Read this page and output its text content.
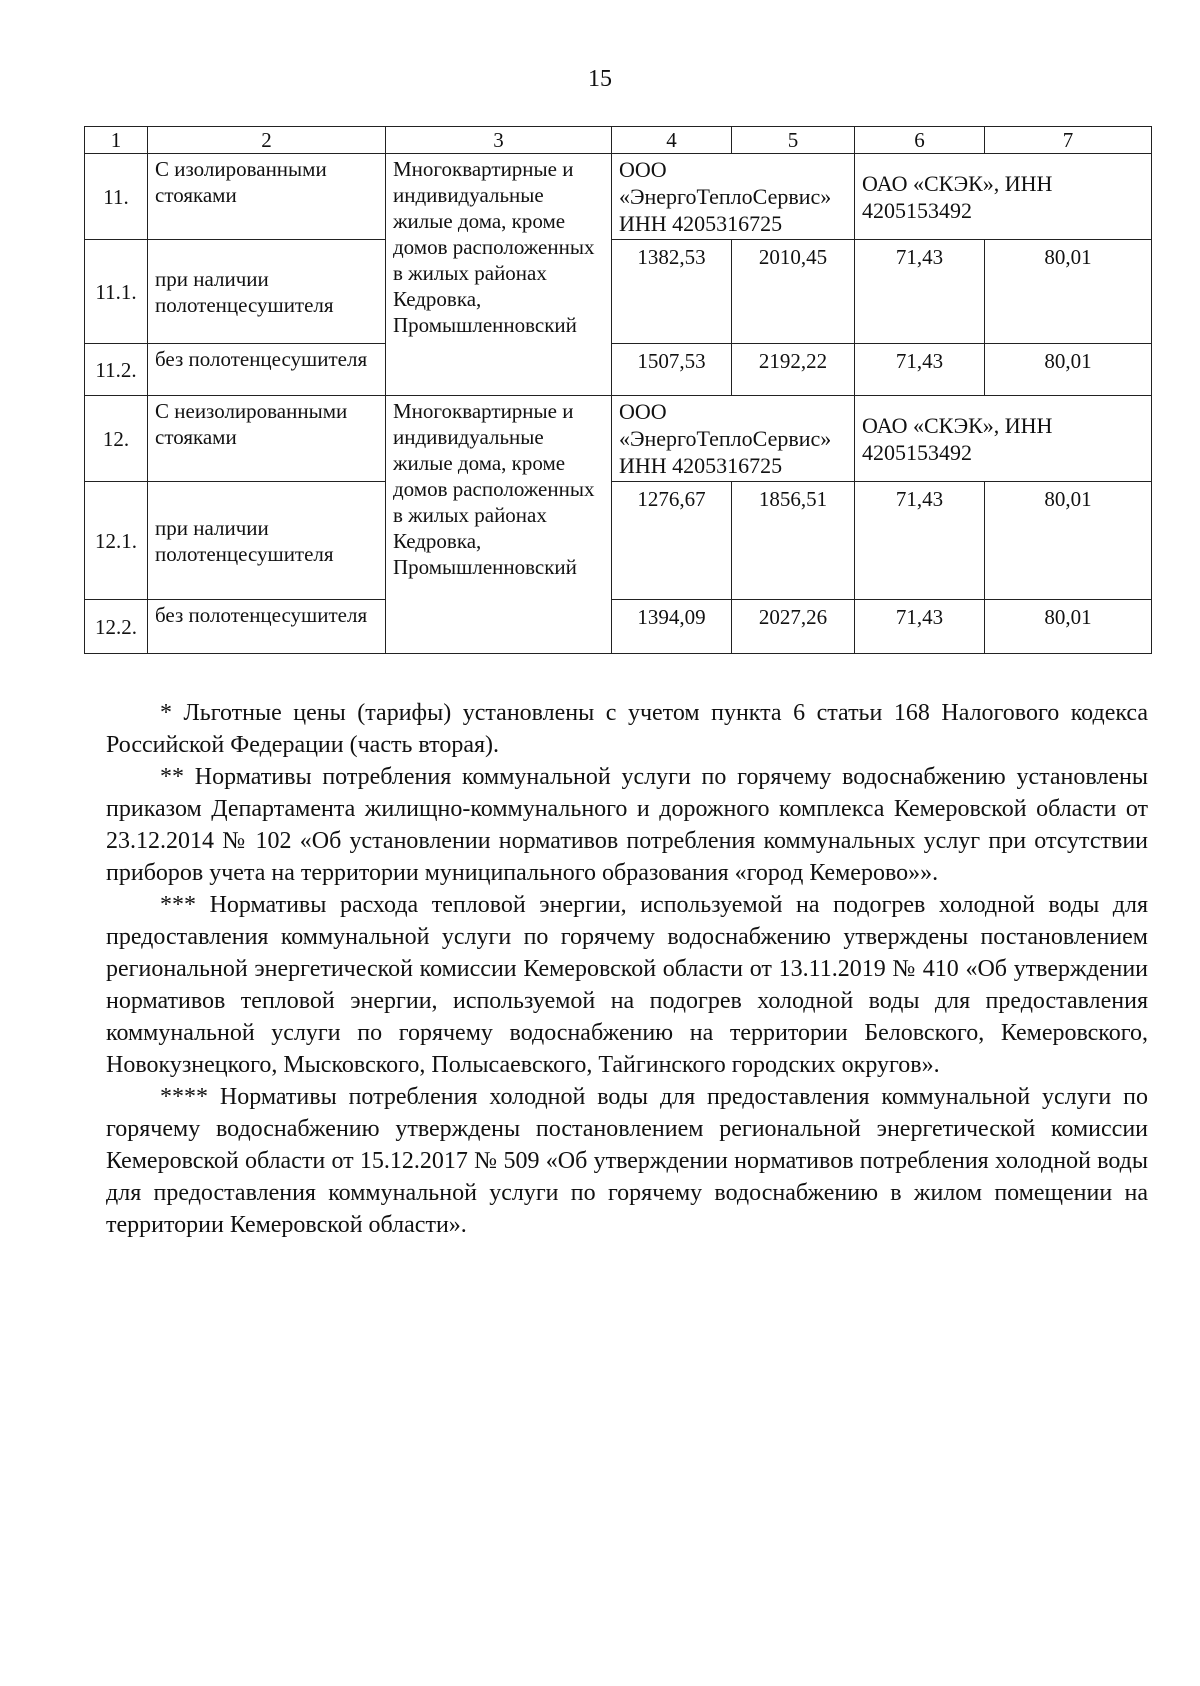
15
1	2	3	4	5	6	7
11.	С изолированными стояками	Многоквартирные и индивидуальные жилые дома, кроме домов расположенных в жилых районах Кедровка, Промышленновский	ООО «ЭнергоТеплоСервис» ИНН 4205316725		ОАО «СКЭК», ИНН 4205153492	
11.1.	при наличии полотенцесушителя		1382,53	2010,45	71,43	80,01
11.2.	без полотенцесушителя		1507,53	2192,22	71,43	80,01
12.	С неизолированными стояками	Многоквартирные и индивидуальные жилые дома, кроме домов расположенных в жилых районах Кедровка, Промышленновский	ООО «ЭнергоТеплоСервис» ИНН 4205316725		ОАО «СКЭК», ИНН 4205153492	
12.1.	при наличии полотенцесушителя		1276,67	1856,51	71,43	80,01
12.2.	без полотенцесушителя		1394,09	2027,26	71,43	80,01

* Льготные цены (тарифы) установлены с учетом пункта 6 статьи 168 Налогового кодекса Российской Федерации (часть вторая).

** Нормативы потребления коммунальной услуги по горячему водоснабжению установлены приказом Департамента жилищно-коммунального и дорожного комплекса Кемеровской области от 23.12.2014 № 102 «Об установлении нормативов потребления коммунальных услуг при отсутствии приборов учета на территории муниципального образования «город Кемерово»».

*** Нормативы расхода тепловой энергии, используемой на подогрев холодной воды для предоставления коммунальной услуги по горячему водоснабжению утверждены постановлением региональной энергетической комиссии Кемеровской области от 13.11.2019 № 410 «Об утверждении нормативов тепловой энергии, используемой на подогрев холодной воды для предоставления коммунальной услуги по горячему водоснабжению на территории Беловского, Кемеровского, Новокузнецкого, Мысковского, Полысаевского, Тайгинского городских округов».

**** Нормативы потребления холодной воды для предоставления коммунальной услуги по горячему водоснабжению утверждены постановлением региональной энергетической комиссии Кемеровской области от 15.12.2017 № 509 «Об утверждении нормативов потребления холодной воды для предоставления коммунальной услуги по горячему водоснабжению в жилом помещении на территории Кемеровской области».
